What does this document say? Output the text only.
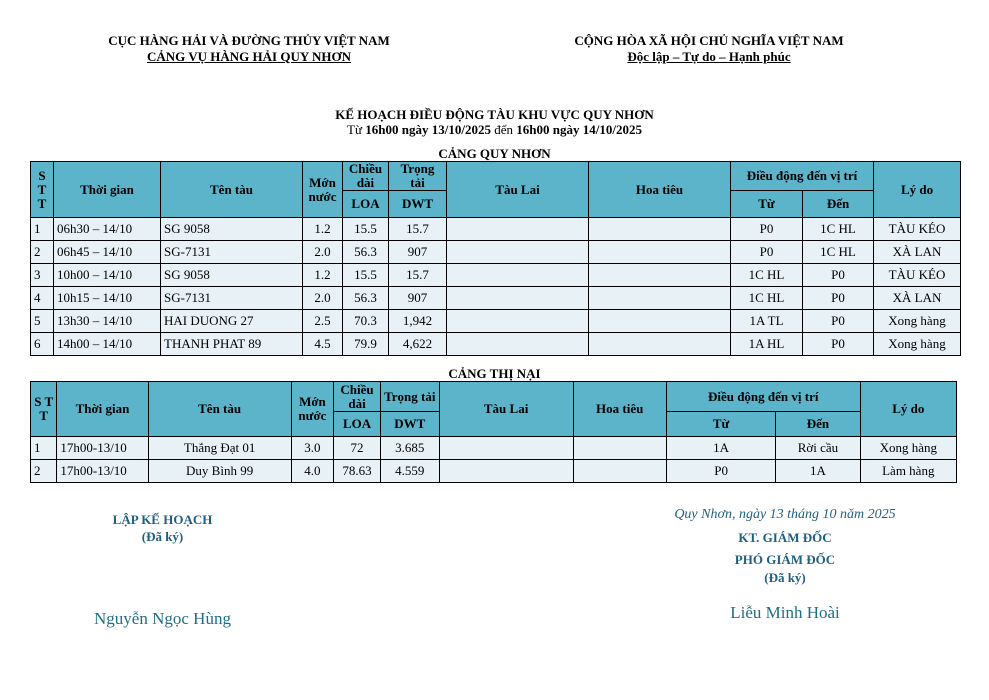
CỤC HÀNG HẢI VÀ ĐƯỜNG THỦY VIỆT NAM
CẢNG VỤ HÀNG HẢI QUY NHƠN
CỘNG HÒA XÃ HỘI CHỦ NGHĨA VIỆT NAM
Độc lập – Tự do – Hạnh phúc
KẾ HOẠCH ĐIỀU ĐỘNG TÀU KHU VỰC QUY NHƠN
Từ 16h00 ngày 13/10/2025 đến 16h00 ngày 14/10/2025
CẢNG QUY NHƠN
S T T	Thời gian	Tên tàu	Mớn nước	Chiều dài	Trọng tải	Tàu Lai	Hoa tiêu	Điều động đến vị trí		Lý do
				LOA	DWT			Từ	Đến	
1	06h30 – 14/10	SG 9058	1.2	15.5	15.7			P0	1C HL	TÀU KÉO
2	06h45 – 14/10	SG-7131	2.0	56.3	907			P0	1C HL	XÀ LAN
3	10h00 – 14/10	SG 9058	1.2	15.5	15.7			1C HL	P0	TÀU KÉO
4	10h15 – 14/10	SG-7131	2.0	56.3	907			1C HL	P0	XÀ LAN
5	13h30 – 14/10	HAI DUONG 27	2.5	70.3	1,942			1A TL	P0	Xong hàng
6	14h00 – 14/10	THANH PHAT 89	4.5	79.9	4,622			1A HL	P0	Xong hàng
CẢNG THỊ NẠI
S T T	Thời gian	Tên tàu	Mớn nước	Chiều dài	Trọng tải	Tàu Lai	Hoa tiêu	Điều động đến vị trí		Lý do
				LOA	DWT			Từ	Đến	
1	17h00-13/10	Thắng Đạt 01	3.0	72	3.685			1A	Rời cầu	Xong hàng
2	17h00-13/10	Duy Bình 99	4.0	78.63	4.559			P0	1A	Làm hàng
LẬP KẾ HOẠCH
(Đã ký)
Nguyễn Ngọc Hùng
Quy Nhơn, ngày 13 tháng 10 năm 2025
KT. GIÁM ĐỐC
PHÓ GIÁM ĐỐC
(Đã ký)
Liễu Minh Hoài
